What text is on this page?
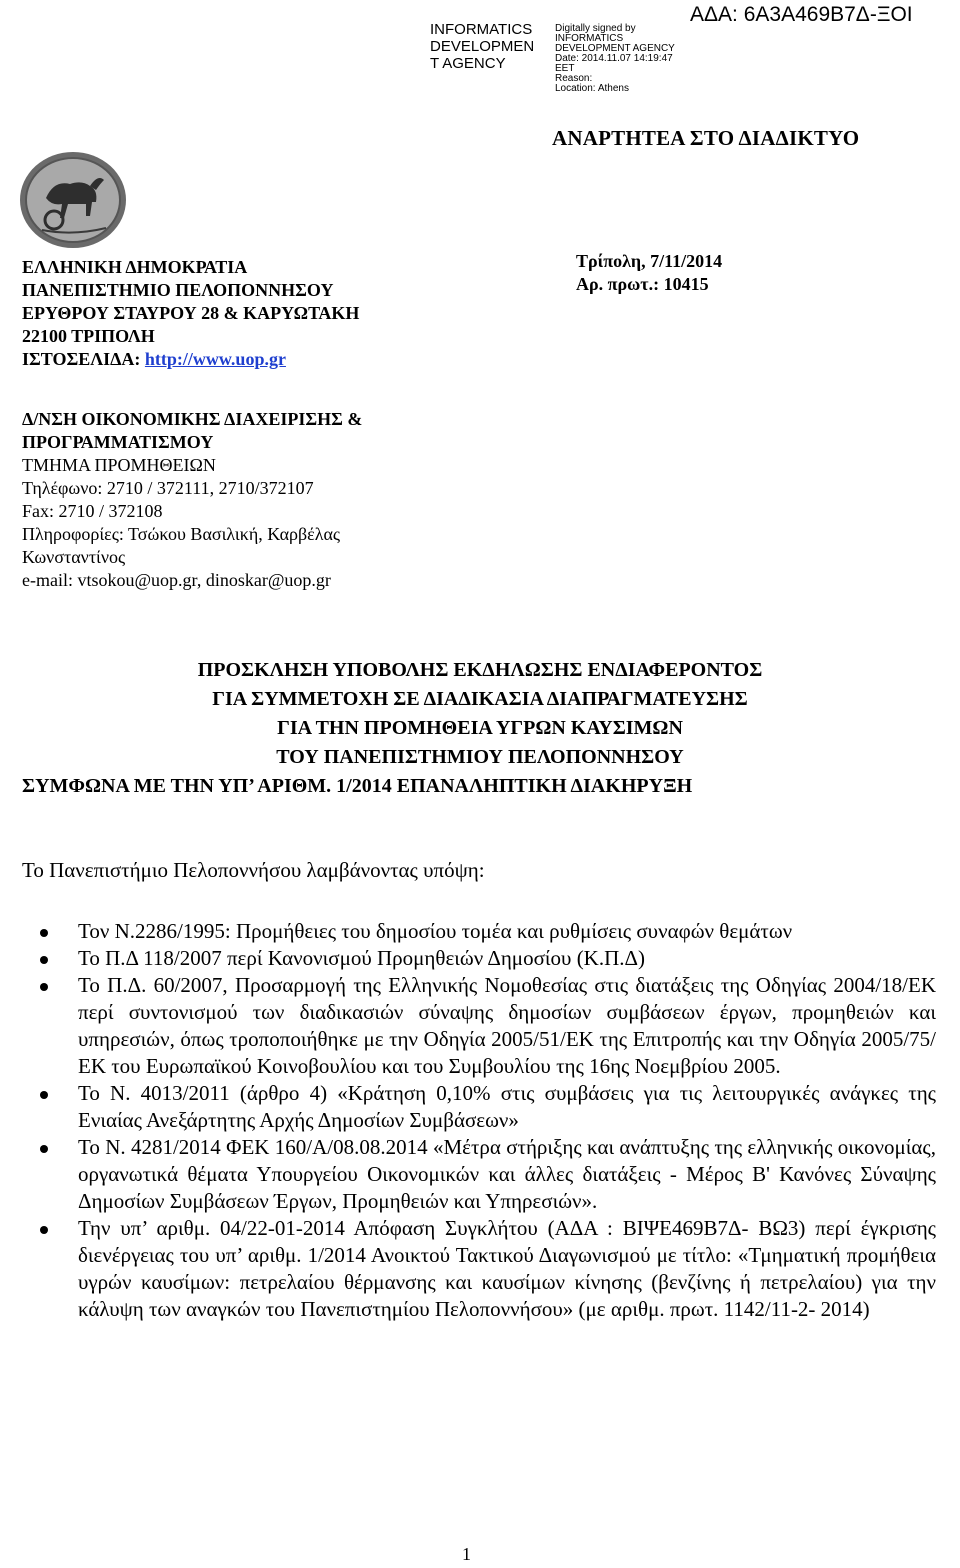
INFORMATICS
DEVELOPMEN
T AGENCY
Digitally signed by
INFORMATICS
DEVELOPMENT AGENCY
Date: 2014.11.07 14:19:47
EET
Reason:
Location: Athens
ΑΔΑ: 6Α3Α469Β7Δ-ΞΟΙ
ΑΝΑΡΤΗΤΕΑ ΣΤΟ ΔΙΑΔΙΚΤΥΟ
ΕΛΛΗΝΙΚΗ ΔΗΜΟΚΡΑΤΙΑ
ΠΑΝΕΠΙΣΤΗΜΙΟ ΠΕΛΟΠΟΝΝΗΣΟΥ
ΕΡΥΘΡΟΥ ΣΤΑΥΡΟΥ 28 & ΚΑΡΥΩΤΑΚΗ
22100 ΤΡΙΠΟΛΗ
ΙΣΤΟΣΕΛΙΔΑ: http://www.uop.gr
Τρίπολη, 7/11/2014
Αρ. πρωτ.: 10415
Δ/ΝΣΗ ΟΙΚΟΝΟΜΙΚΗΣ ΔΙΑΧΕΙΡΙΣΗΣ &
ΠΡΟΓΡΑΜΜΑΤΙΣΜΟΥ
ΤΜΗΜΑ ΠΡΟΜΗΘΕΙΩΝ
Τηλέφωνο: 2710 / 372111, 2710/372107
Fax: 2710 / 372108
Πληροφορίες: Τσώκου Βασιλική, Καρβέλας
Κωνσταντίνος
e-mail: vtsokou@uop.gr, dinoskar@uop.gr
ΠΡΟΣΚΛΗΣΗ ΥΠΟΒΟΛΗΣ ΕΚΔΗΛΩΣΗΣ ΕΝΔΙΑΦΕΡΟΝΤΟΣ
ΓΙΑ ΣΥΜΜΕΤΟΧΗ ΣΕ ΔΙΑΔΙΚΑΣΙΑ ΔΙΑΠΡΑΓΜΑΤΕΥΣΗΣ
ΓΙΑ ΤΗΝ ΠΡΟΜΗΘΕΙΑ ΥΓΡΩΝ ΚΑΥΣΙΜΩΝ
ΤΟΥ ΠΑΝΕΠΙΣΤΗΜΙΟΥ ΠΕΛΟΠΟΝΝΗΣΟΥ
ΣΥΜΦΩΝΑ ΜΕ ΤΗΝ ΥΠ’ ΑΡΙΘΜ. 1/2014 ΕΠΑΝΑΛΗΠΤΙΚΗ ΔΙΑΚΗΡΥΞΗ
Το Πανεπιστήμιο Πελοποννήσου λαμβάνοντας υπόψη:
Τον Ν.2286/1995: Προμήθειες του δημοσίου τομέα και ρυθμίσεις συναφών θεμάτων
Το Π.Δ 118/2007 περί Κανονισμού Προμηθειών Δημοσίου (Κ.Π.Δ)
Το Π.Δ. 60/2007, Προσαρμογή της Ελληνικής Νομοθεσίας στις διατάξεις της Οδηγίας 2004/18/ΕΚ περί συντονισμού των διαδικασιών σύναψης δημοσίων συμβάσεων έργων, προμηθειών και υπηρεσιών, όπως τροποποιήθηκε με την Οδηγία 2005/51/ΕΚ της Επιτροπής και την Οδηγία 2005/75/ΕΚ του Ευρωπαϊκού Κοινοβουλίου και του Συμβουλίου της 16ης Νοεμβρίου 2005.
Το Ν. 4013/2011 (άρθρο 4) «Κράτηση 0,10% στις συμβάσεις για τις λειτουργικές ανάγκες της Ενιαίας Ανεξάρτητης Αρχής Δημοσίων Συμβάσεων»
Το Ν. 4281/2014 ΦΕΚ 160/Α/08.08.2014 «Μέτρα στήριξης και ανάπτυξης της ελληνικής οικονομίας, οργανωτικά θέματα Υπουργείου Οικονομικών και άλλες διατάξεις - Μέρος Β' Κανόνες Σύναψης Δημοσίων Συμβάσεων Έργων, Προμηθειών και Υπηρεσιών».
Την υπ’ αριθμ. 04/22-01-2014 Απόφαση Συγκλήτου (ΑΔΑ : ΒΙΨΕ469Β7Δ- ΒΩ3) περί έγκρισης διενέργειας του υπ’ αριθμ. 1/2014 Ανοικτού Τακτικού Διαγωνισμού με τίτλο: «Τμηματική προμήθεια υγρών καυσίμων: πετρελαίου θέρμανσης και καυσίμων κίνησης (βενζίνης ή πετρελαίου) για την κάλυψη των αναγκών του Πανεπιστημίου Πελοποννήσου» (με αριθμ. πρωτ. 1142/11-2- 2014)
1
